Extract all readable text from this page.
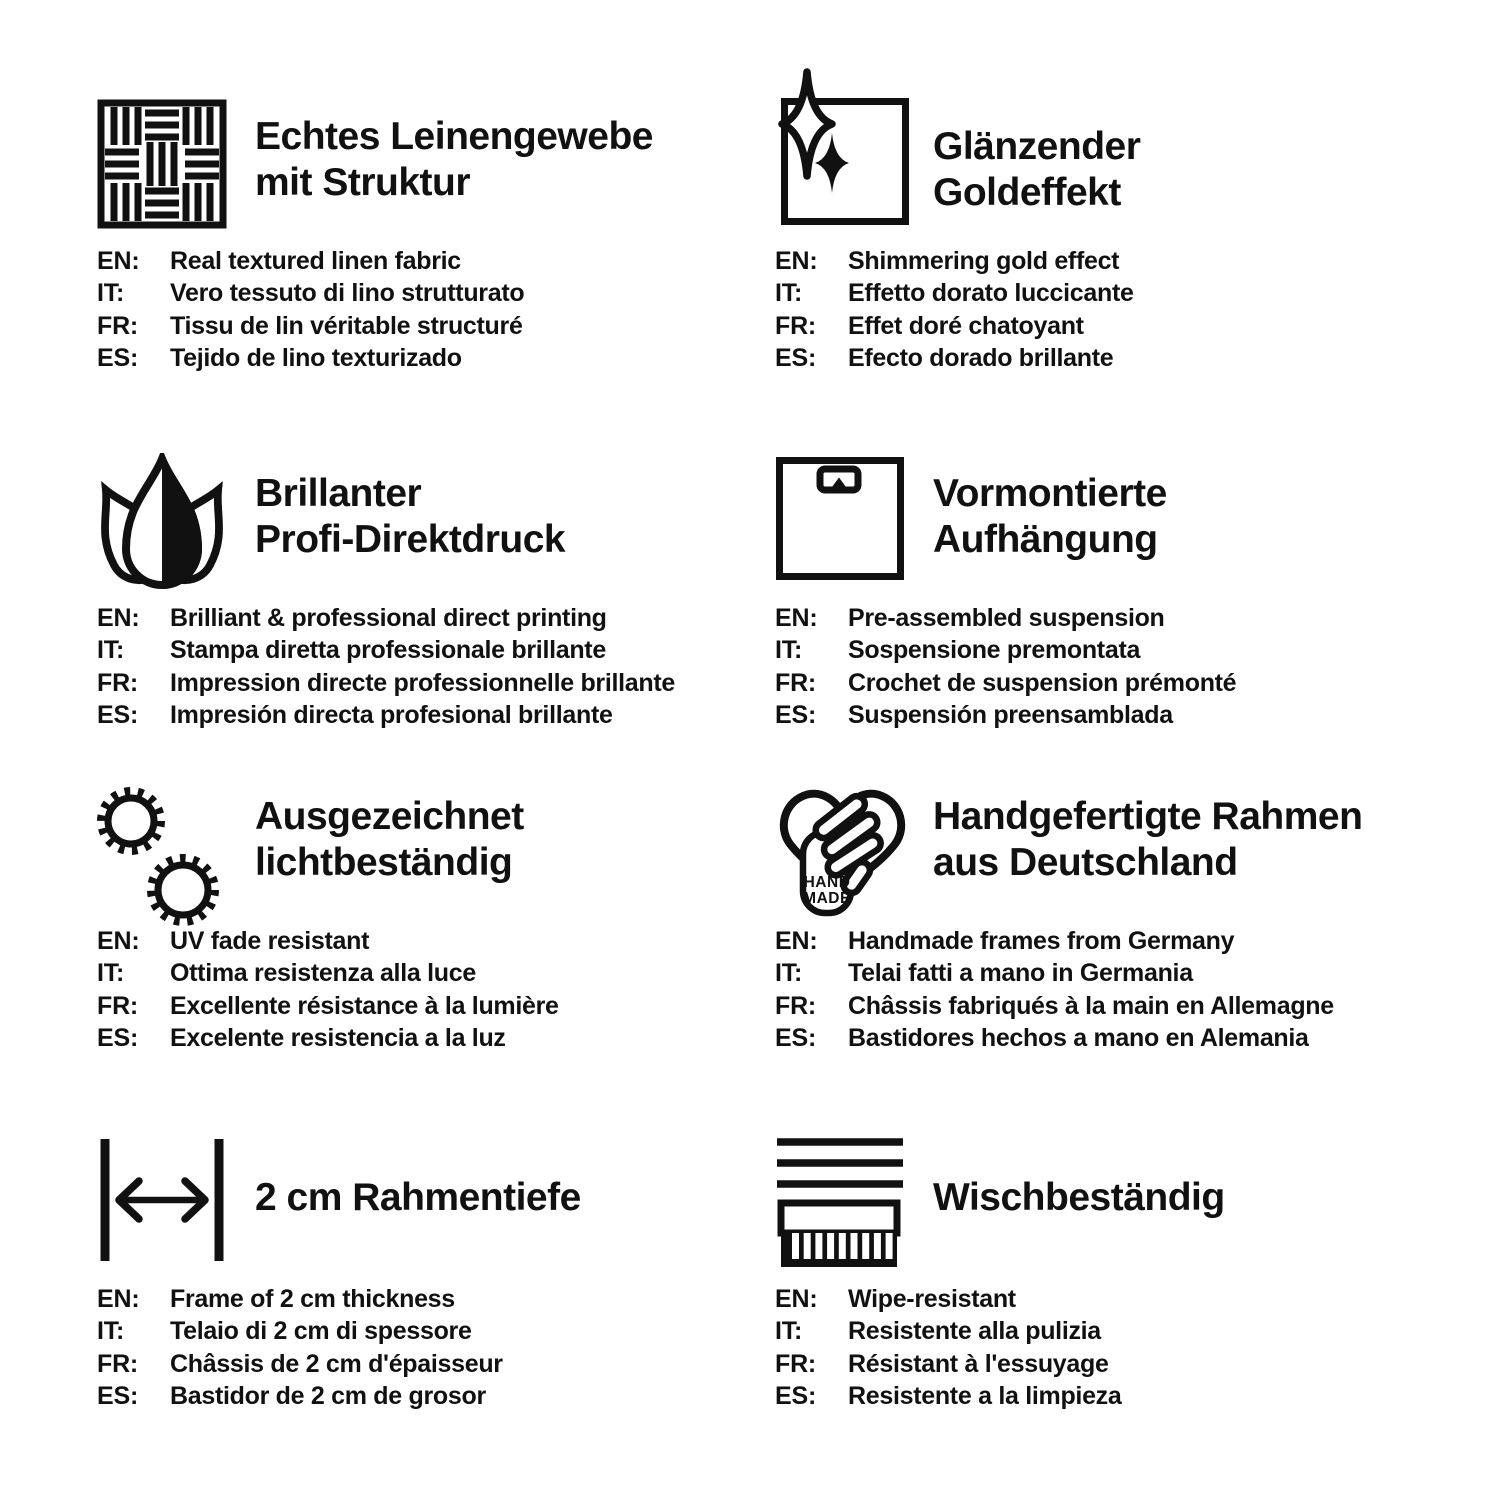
Echtes Leinengewebe
mit Struktur
EN:	Real textured linen fabric
IT:	Vero tessuto di lino strutturato
FR:	Tissu de lin véritable structuré
ES:	Tejido de lino texturizado
Glänzender
Goldeffekt
EN:	Shimmering gold effect
IT:	Effetto dorato luccicante
FR:	Effet doré chatoyant
ES:	Efecto dorado brillante
Brillanter
Profi-Direktdruck
EN:	Brilliant & professional direct printing
IT:	Stampa diretta professionale brillante
FR:	Impression directe professionnelle brillante
ES:	Impresión directa profesional brillante
Vormontierte
Aufhängung
EN:	Pre-assembled suspension
IT:	Sospensione premontata
FR:	Crochet de suspension prémonté
ES:	Suspensión preensamblada
Ausgezeichnet
lichtbeständig
EN:	UV fade resistant
IT:	Ottima resistenza alla luce
FR:	Excellente résistance à la lumière
ES:	Excelente resistencia a la luz
HAND
MADE
Handgefertigte Rahmen
aus Deutschland
EN:	Handmade frames from Germany
IT:	Telai fatti a mano in Germania
FR:	Châssis fabriqués à la main en Allemagne
ES:	Bastidores hechos a mano en Alemania
2 cm Rahmentiefe
EN:	Frame of 2 cm thickness
IT:	Telaio di 2 cm di spessore
FR:	Châssis de 2 cm d'épaisseur
ES:	Bastidor de 2 cm de grosor
Wischbeständig
EN:	Wipe-resistant
IT:	Resistente alla pulizia
FR:	Résistant à l'essuyage
ES:	Resistente a la limpieza
